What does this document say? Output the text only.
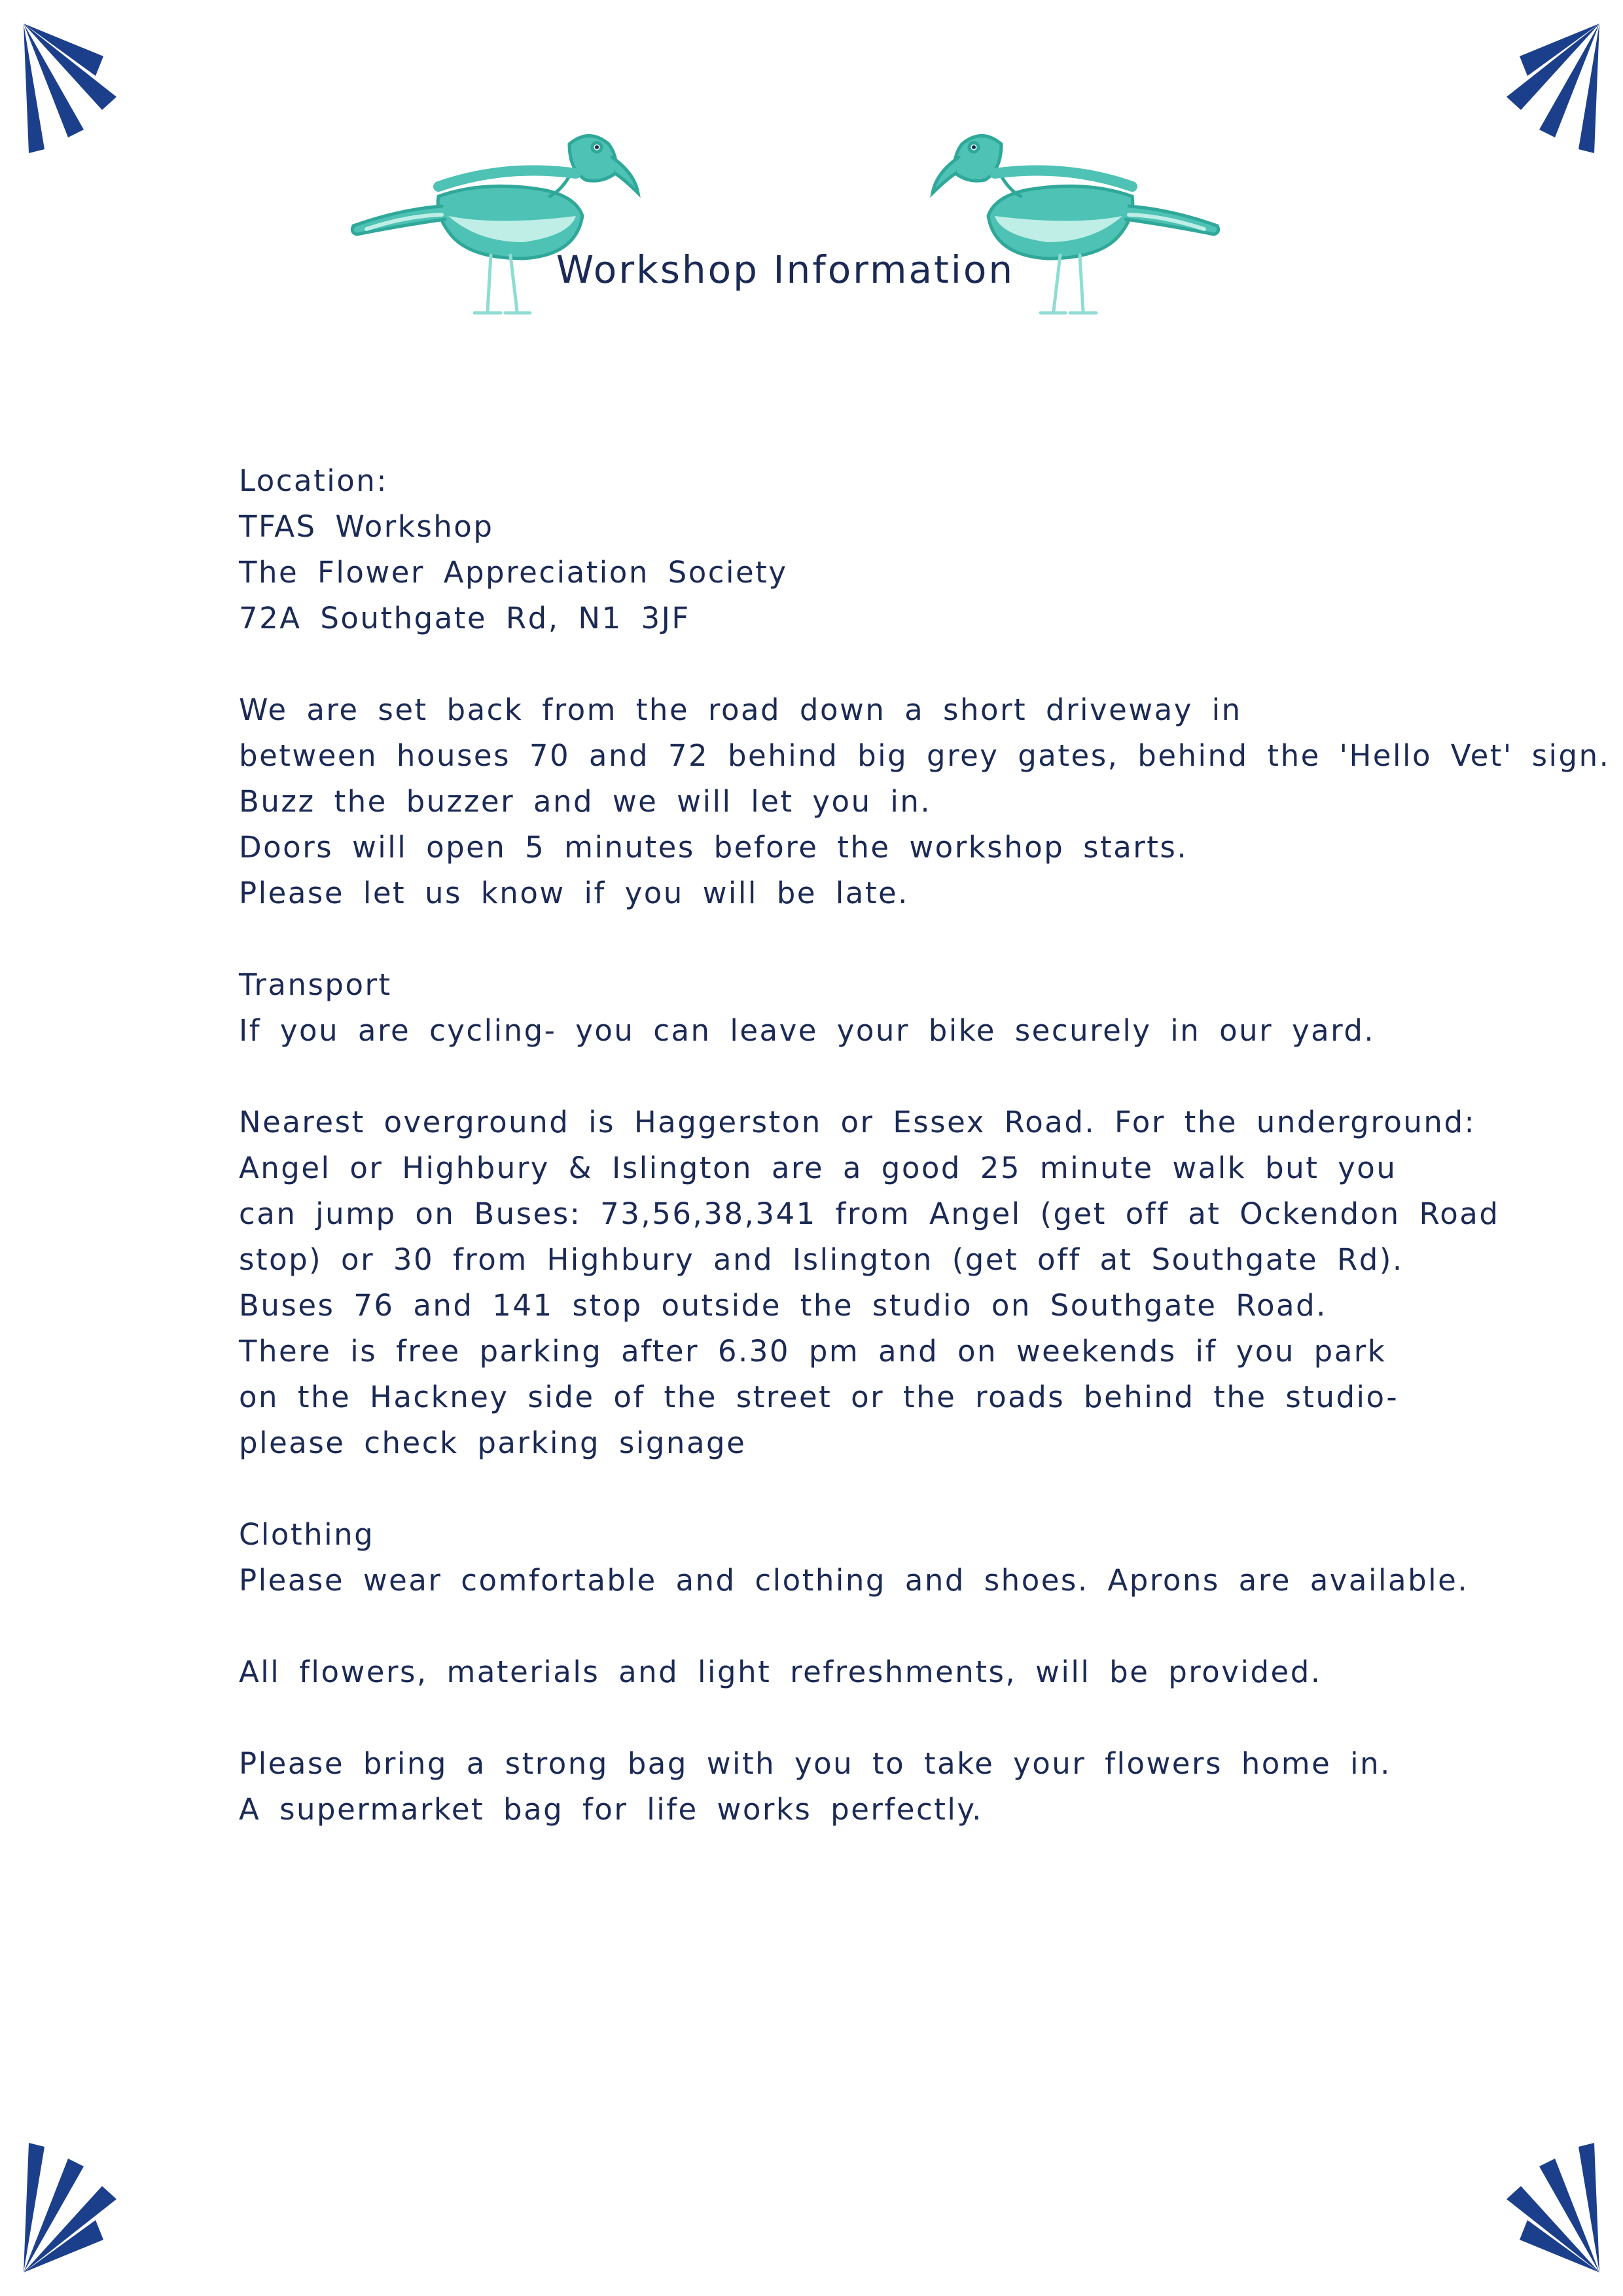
Workshop Information
Location:
TFAS Workshop
The Flower Appreciation Society
72A Southgate Rd, N1 3JF
We are set back from the road down a short driveway in
between houses 70 and 72 behind big grey gates, behind the 'Hello Vet' sign.
Buzz the buzzer and we will let you in.
Doors will open 5 minutes before the workshop starts.
Please let us know if you will be late.
Transport
If you are cycling- you can leave your bike securely in our yard.
Nearest overground is Haggerston or Essex Road. For the underground:
Angel or Highbury & Islington are a good 25 minute walk but you
can jump on Buses: 73,56,38,341 from Angel (get off at Ockendon Road
stop) or 30 from Highbury and Islington (get off at Southgate Rd).
Buses 76 and 141 stop outside the studio on Southgate Road.
There is free parking after 6.30 pm and on weekends if you park
on the Hackney side of the street or the roads behind the studio-
please check parking signage
Clothing
Please wear comfortable and clothing and shoes. Aprons are available.
All flowers, materials and light refreshments, will be provided.
Please bring a strong bag with you to take your flowers home in.
A supermarket bag for life works perfectly.
